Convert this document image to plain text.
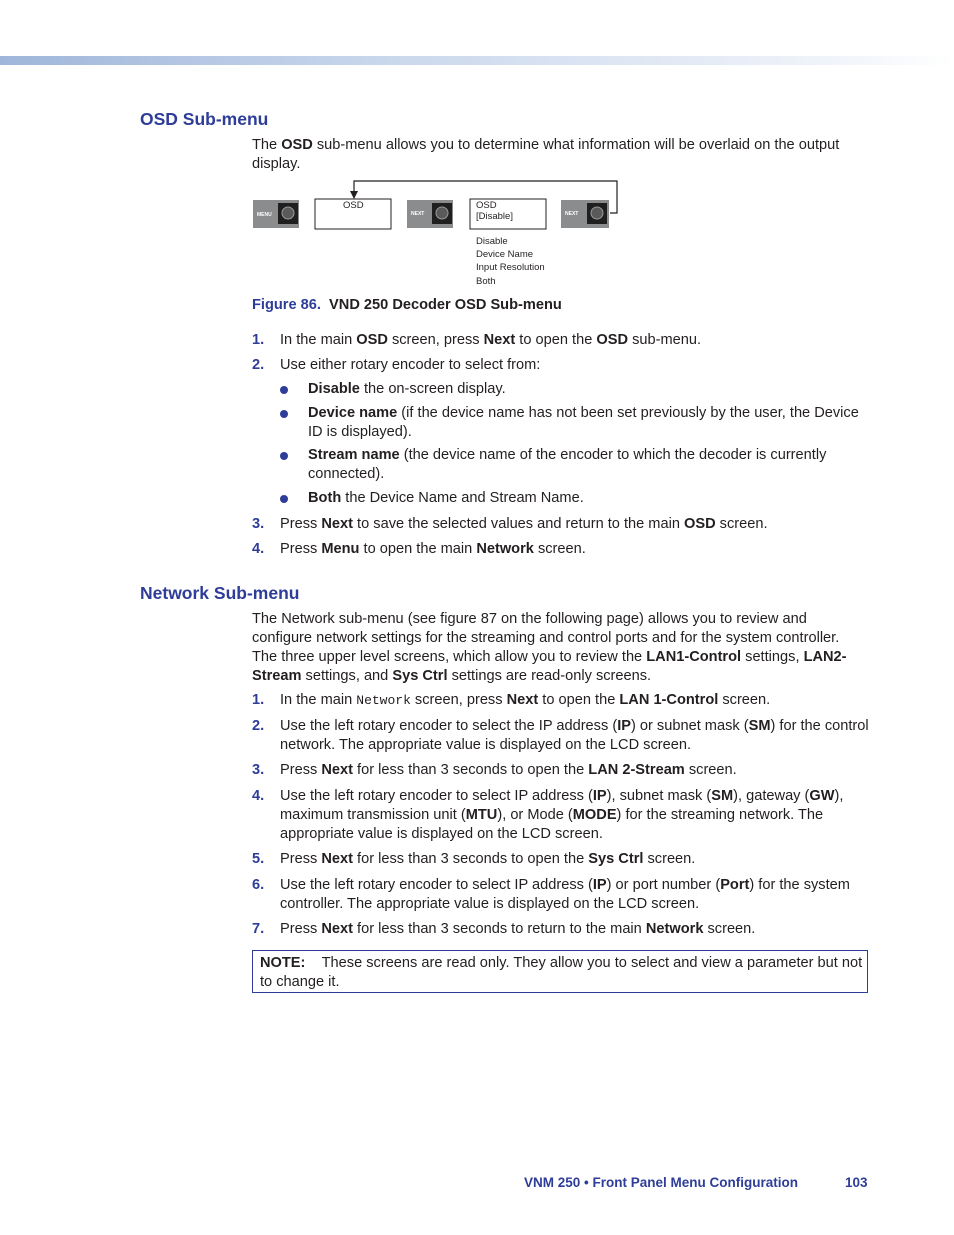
OSD Sub-menu

The OSD sub-menu allows you to determine what information will be overlaid on the output display.

MENU
OSD
NEXT
OSD
[Disable]	NEXT
Disable
Device Name
Input Resolution
Both
Figure 86. VND 250 Decoder OSD Sub-menu
1.	In the main OSD screen, press Next to open the OSD sub-menu.
2.	Use either rotary encoder to select from:
Disable the on-screen display.
Device name (if the device name has not been set previously by the user, the Device ID is displayed).
Stream name (the device name of the encoder to which the decoder is currently connected).
Both the Device Name and Stream Name.
3.	Press Next to save the selected values and return to the main OSD screen.
4.	Press Menu to open the main Network screen.
Network Sub-menu

The Network sub-menu (see figure 87 on the following page) allows you to review and configure network settings for the streaming and control ports and for the system controller. The three upper level screens, which allow you to review the LAN1-Control settings, LAN2-Stream settings, and Sys Ctrl settings are read-only screens.

1.	In the main Network screen, press Next to open the LAN 1-Control screen.
2.	Use the left rotary encoder to select the IP address (IP) or subnet mask (SM) for the control network. The appropriate value is displayed on the LCD screen.
3.	Press Next for less than 3 seconds to open the LAN 2-Stream screen.
4.	Use the left rotary encoder to select IP address (IP), subnet mask (SM), gateway (GW), maximum transmission unit (MTU), or Mode (MODE) for the streaming network. The appropriate value is displayed on the LCD screen.
5.	Press Next for less than 3 seconds to open the Sys Ctrl screen.
6.	Use the left rotary encoder to select IP address (IP) or port number (Port) for the system controller. The appropriate value is displayed on the LCD screen.
7.	Press Next for less than 3 seconds to return to the main Network screen.
NOTE: These screens are read only. They allow you to select and view a parameter but not to change it.
VNM 250 • Front Panel Menu Configuration	103
